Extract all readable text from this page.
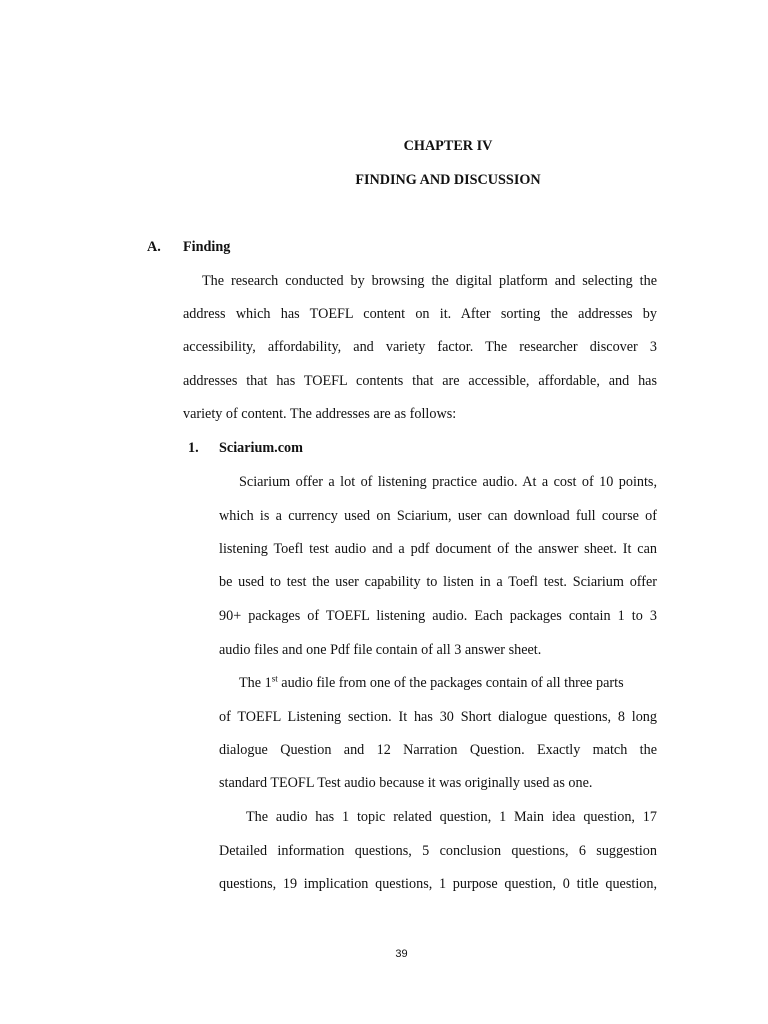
CHAPTER IV

FINDING AND DISCUSSION

A. Finding

The research conducted by browsing the digital platform and selecting the

address which has TOEFL content on it. After sorting the addresses by

accessibility, affordability, and variety factor. The researcher discover 3

addresses that has TOEFL contents that are accessible, affordable, and has

variety of content. The addresses are as follows:

1. Sciarium.com

Sciarium offer a lot of listening practice audio. At a cost of 10 points,

which is a currency used on Sciarium, user can download full course of

listening Toefl test audio and a pdf document of the answer sheet. It can

be used to test the user capability to listen in a Toefl test. Sciarium offer

90+ packages of TOEFL listening audio. Each packages contain 1 to 3

audio files and one Pdf file contain of all 3 answer sheet.

The 1st audio file from one of the packages contain of all three parts

of TOEFL Listening section. It has 30 Short dialogue questions, 8 long

dialogue Question and 12 Narration Question. Exactly match the

standard TEOFL Test audio because it was originally used as one.

The audio has 1 topic related question, 1 Main idea question, 17

Detailed information questions, 5 conclusion questions, 6 suggestion

questions, 19 implication questions, 1 purpose question, 0 title question,

39
